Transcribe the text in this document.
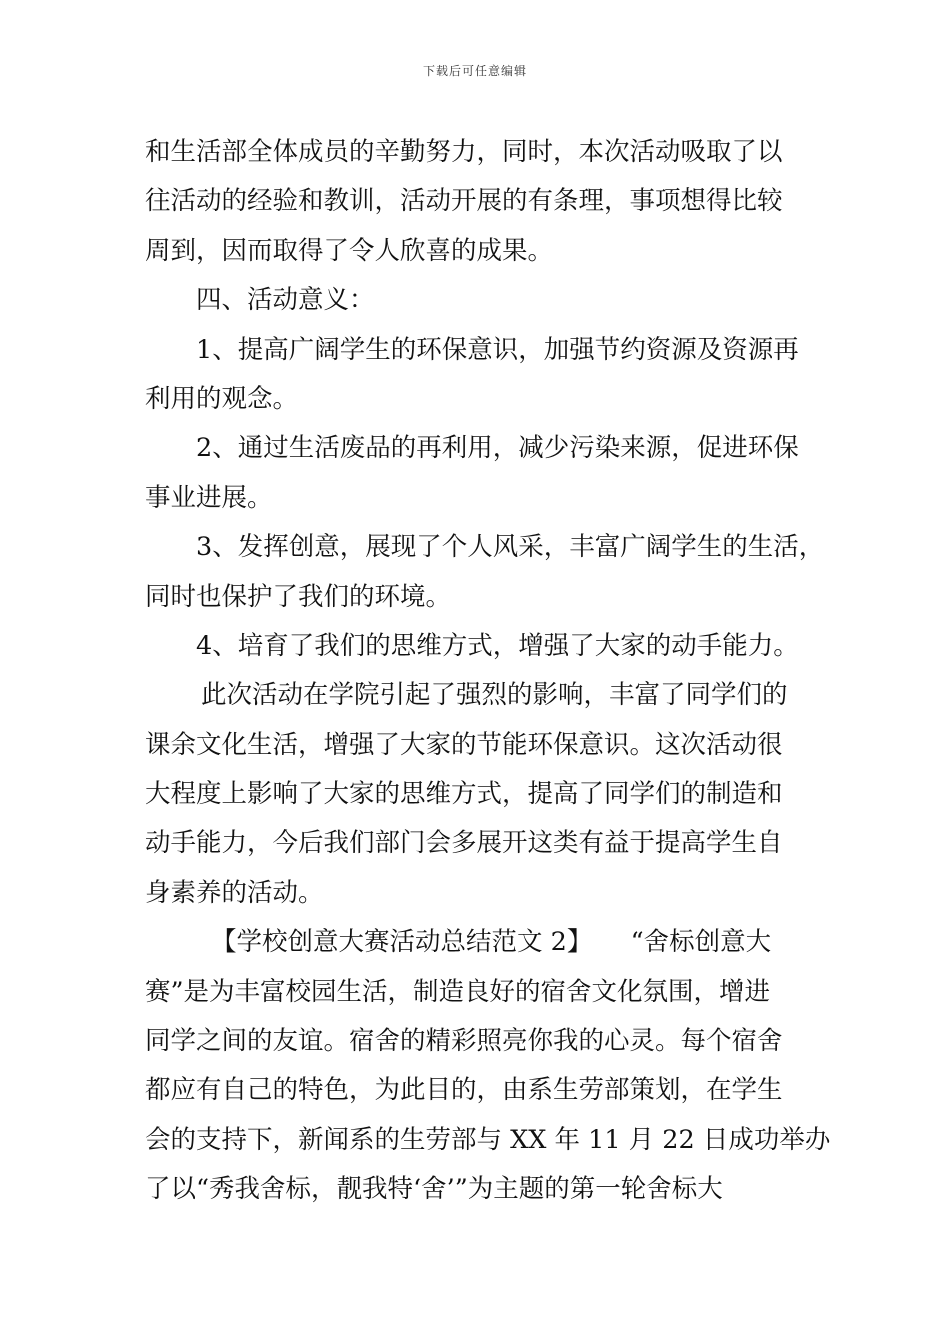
下载后可任意编辑
和生活部全体成员的辛勤努力，同时，本次活动吸取了以
往活动的经验和教训，活动开展的有条理，事项想得比较
周到，因而取得了令人欣喜的成果。
四、活动意义：
1、提高广阔学生的环保意识，加强节约资源及资源再
利用的观念。
2、通过生活废品的再利用，减少污染来源，促进环保
事业进展。
3、发挥创意，展现了个人风采，丰富广阔学生的生活，
同时也保护了我们的环境。
4、培育了我们的思维方式，增强了大家的动手能力。
此次活动在学院引起了强烈的影响，丰富了同学们的
课余文化生活，增强了大家的节能环保意识。这次活动很
大程度上影响了大家的思维方式，提高了同学们的制造和
动手能力，今后我们部门会多展开这类有益于提高学生自
身素养的活动。
【学校创意大赛活动总结范文 2】　　“舍标创意大
赛”是为丰富校园生活，制造良好的宿舍文化氛围，增进
同学之间的友谊。宿舍的精彩照亮你我的心灵。每个宿舍
都应有自己的特色，为此目的，由系生劳部策划，在学生
会的支持下，新闻系的生劳部与 XX 年 11 月 22 日成功举办
了以“秀我舍标，靓我特‘舍’”为主题的第一轮舍标大
